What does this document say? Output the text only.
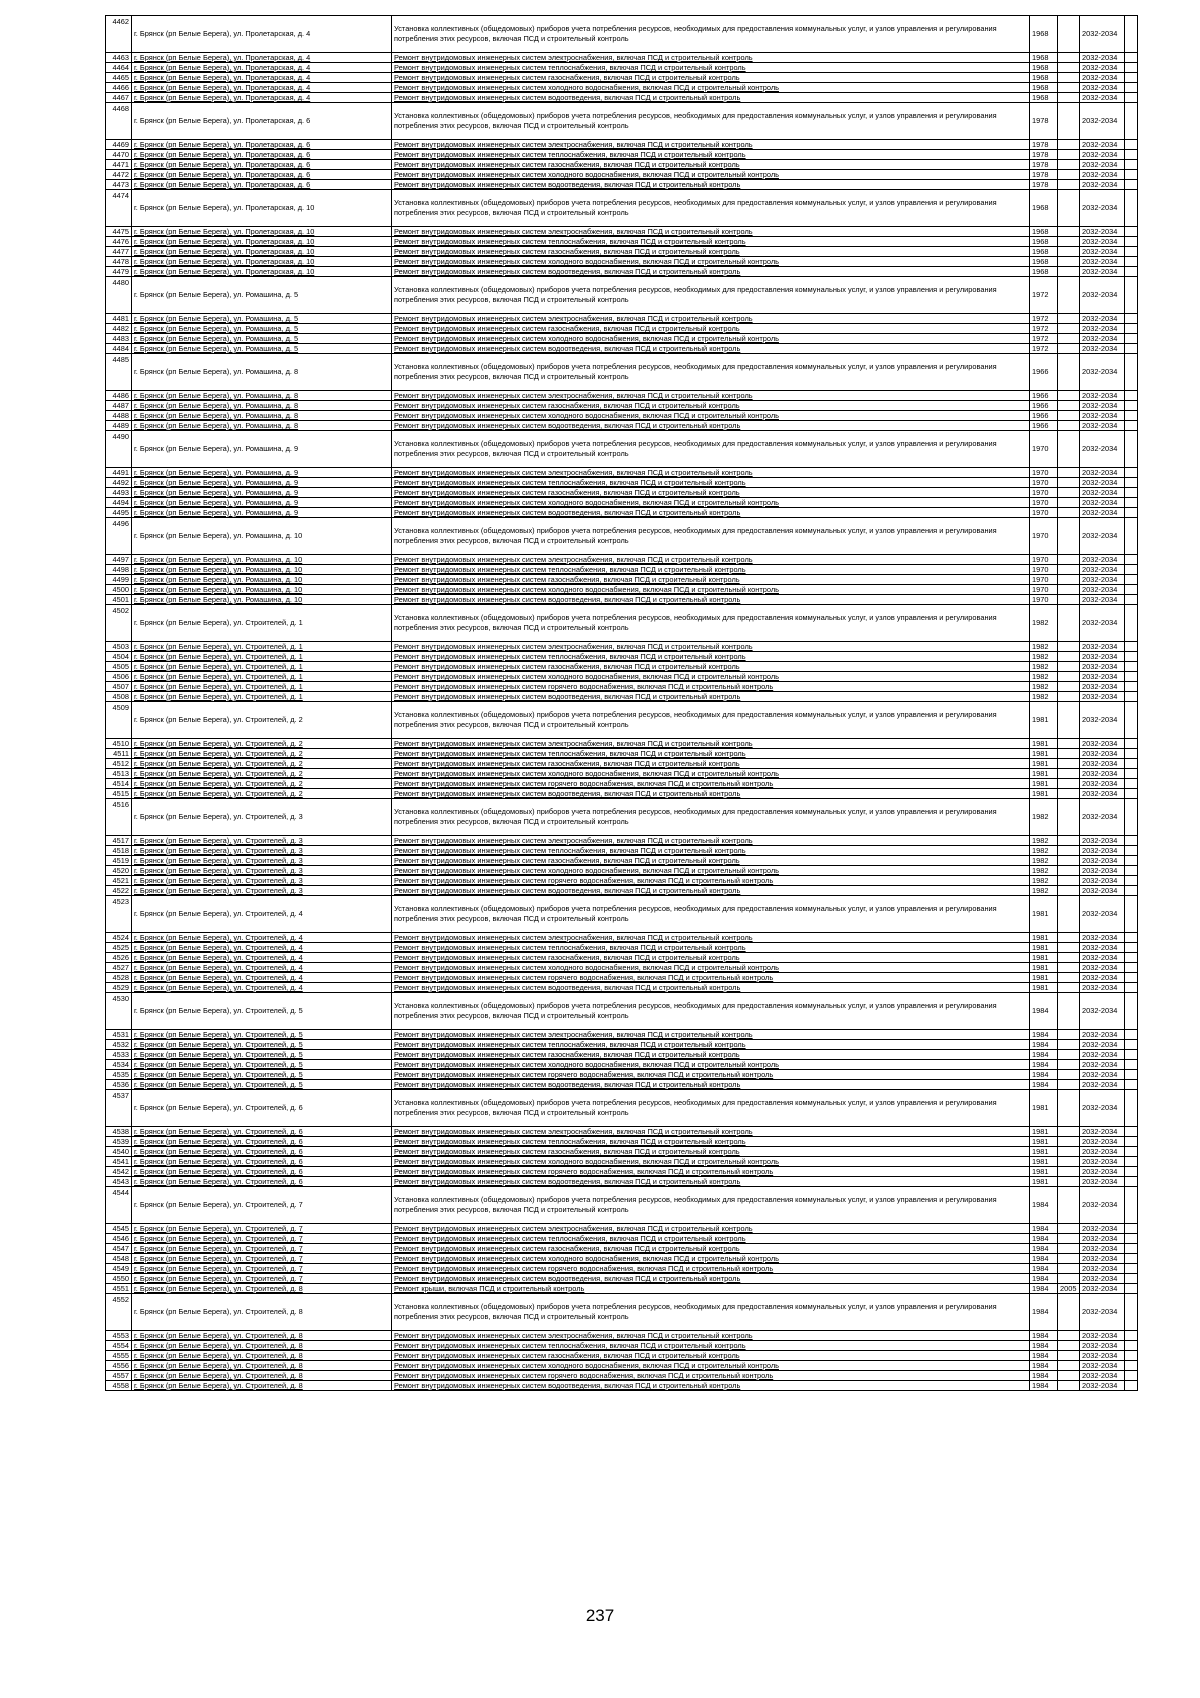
4462	г. Брянск (рп Белые Берега), ул. Пролетарская, д. 4	Установка коллективных (общедомовых) приборов учета потребления ресурсов, необходимых для предоставления коммунальных услуг, и узлов управления и регулирования потребления этих ресурсов, включая ПСД и строительный контроль	1968		2032-2034	
4463	г. Брянск (рп Белые Берега), ул. Пролетарская, д. 4	Ремонт внутридомовых инженерных систем электроснабжения, включая ПСД и строительный контроль	1968		2032-2034	
4464	г. Брянск (рп Белые Берега), ул. Пролетарская, д. 4	Ремонт внутридомовых инженерных систем теплоснабжения, включая ПСД и строительный контроль	1968		2032-2034	
4465	г. Брянск (рп Белые Берега), ул. Пролетарская, д. 4	Ремонт внутридомовых инженерных систем газоснабжения, включая ПСД и строительный контроль	1968		2032-2034	
4466	г. Брянск (рп Белые Берега), ул. Пролетарская, д. 4	Ремонт внутридомовых инженерных систем холодного водоснабжения, включая ПСД и строительный контроль	1968		2032-2034	
4467	г. Брянск (рп Белые Берега), ул. Пролетарская, д. 4	Ремонт внутридомовых инженерных систем водоотведения, включая ПСД и строительный контроль	1968		2032-2034	
4468	г. Брянск (рп Белые Берега), ул. Пролетарская, д. 6	Установка коллективных (общедомовых) приборов учета потребления ресурсов, необходимых для предоставления коммунальных услуг, и узлов управления и регулирования потребления этих ресурсов, включая ПСД и строительный контроль	1978		2032-2034	
4469	г. Брянск (рп Белые Берега), ул. Пролетарская, д. 6	Ремонт внутридомовых инженерных систем электроснабжения, включая ПСД и строительный контроль	1978		2032-2034	
4470	г. Брянск (рп Белые Берега), ул. Пролетарская, д. 6	Ремонт внутридомовых инженерных систем теплоснабжения, включая ПСД и строительный контроль	1978		2032-2034	
4471	г. Брянск (рп Белые Берега), ул. Пролетарская, д. 6	Ремонт внутридомовых инженерных систем газоснабжения, включая ПСД и строительный контроль	1978		2032-2034	
4472	г. Брянск (рп Белые Берега), ул. Пролетарская, д. 6	Ремонт внутридомовых инженерных систем холодного водоснабжения, включая ПСД и строительный контроль	1978		2032-2034	
4473	г. Брянск (рп Белые Берега), ул. Пролетарская, д. 6	Ремонт внутридомовых инженерных систем водоотведения, включая ПСД и строительный контроль	1978		2032-2034	
4474	г. Брянск (рп Белые Берега), ул. Пролетарская, д. 10	Установка коллективных (общедомовых) приборов учета потребления ресурсов, необходимых для предоставления коммунальных услуг, и узлов управления и регулирования потребления этих ресурсов, включая ПСД и строительный контроль	1968		2032-2034	
4475	г. Брянск (рп Белые Берега), ул. Пролетарская, д. 10	Ремонт внутридомовых инженерных систем электроснабжения, включая ПСД и строительный контроль	1968		2032-2034	
4476	г. Брянск (рп Белые Берега), ул. Пролетарская, д. 10	Ремонт внутридомовых инженерных систем теплоснабжения, включая ПСД и строительный контроль	1968		2032-2034	
4477	г. Брянск (рп Белые Берега), ул. Пролетарская, д. 10	Ремонт внутридомовых инженерных систем газоснабжения, включая ПСД и строительный контроль	1968		2032-2034	
4478	г. Брянск (рп Белые Берега), ул. Пролетарская, д. 10	Ремонт внутридомовых инженерных систем холодного водоснабжения, включая ПСД и строительный контроль	1968		2032-2034	
4479	г. Брянск (рп Белые Берега), ул. Пролетарская, д. 10	Ремонт внутридомовых инженерных систем водоотведения, включая ПСД и строительный контроль	1968		2032-2034	
4480	г. Брянск (рп Белые Берега), ул. Ромашина, д. 5	Установка коллективных (общедомовых) приборов учета потребления ресурсов, необходимых для предоставления коммунальных услуг, и узлов управления и регулирования потребления этих ресурсов, включая ПСД и строительный контроль	1972		2032-2034	
4481	г. Брянск (рп Белые Берега), ул. Ромашина, д. 5	Ремонт внутридомовых инженерных систем электроснабжения, включая ПСД и строительный контроль	1972		2032-2034	
4482	г. Брянск (рп Белые Берега), ул. Ромашина, д. 5	Ремонт внутридомовых инженерных систем газоснабжения, включая ПСД и строительный контроль	1972		2032-2034	
4483	г. Брянск (рп Белые Берега), ул. Ромашина, д. 5	Ремонт внутридомовых инженерных систем холодного водоснабжения, включая ПСД и строительный контроль	1972		2032-2034	
4484	г. Брянск (рп Белые Берега), ул. Ромашина, д. 5	Ремонт внутридомовых инженерных систем водоотведения, включая ПСД и строительный контроль	1972		2032-2034	
4485	г. Брянск (рп Белые Берега), ул. Ромашина, д. 8	Установка коллективных (общедомовых) приборов учета потребления ресурсов, необходимых для предоставления коммунальных услуг, и узлов управления и регулирования потребления этих ресурсов, включая ПСД и строительный контроль	1966		2032-2034	
4486	г. Брянск (рп Белые Берега), ул. Ромашина, д. 8	Ремонт внутридомовых инженерных систем электроснабжения, включая ПСД и строительный контроль	1966		2032-2034	
4487	г. Брянск (рп Белые Берега), ул. Ромашина, д. 8	Ремонт внутридомовых инженерных систем газоснабжения, включая ПСД и строительный контроль	1966		2032-2034	
4488	г. Брянск (рп Белые Берега), ул. Ромашина, д. 8	Ремонт внутридомовых инженерных систем холодного водоснабжения, включая ПСД и строительный контроль	1966		2032-2034	
4489	г. Брянск (рп Белые Берега), ул. Ромашина, д. 8	Ремонт внутридомовых инженерных систем водоотведения, включая ПСД и строительный контроль	1966		2032-2034	
4490	г. Брянск (рп Белые Берега), ул. Ромашина, д. 9	Установка коллективных (общедомовых) приборов учета потребления ресурсов, необходимых для предоставления коммунальных услуг, и узлов управления и регулирования потребления этих ресурсов, включая ПСД и строительный контроль	1970		2032-2034	
4491	г. Брянск (рп Белые Берега), ул. Ромашина, д. 9	Ремонт внутридомовых инженерных систем электроснабжения, включая ПСД и строительный контроль	1970		2032-2034	
4492	г. Брянск (рп Белые Берега), ул. Ромашина, д. 9	Ремонт внутридомовых инженерных систем теплоснабжения, включая ПСД и строительный контроль	1970		2032-2034	
4493	г. Брянск (рп Белые Берега), ул. Ромашина, д. 9	Ремонт внутридомовых инженерных систем газоснабжения, включая ПСД и строительный контроль	1970		2032-2034	
4494	г. Брянск (рп Белые Берега), ул. Ромашина, д. 9	Ремонт внутридомовых инженерных систем холодного водоснабжения, включая ПСД и строительный контроль	1970		2032-2034	
4495	г. Брянск (рп Белые Берега), ул. Ромашина, д. 9	Ремонт внутридомовых инженерных систем водоотведения, включая ПСД и строительный контроль	1970		2032-2034	
4496	г. Брянск (рп Белые Берега), ул. Ромашина, д. 10	Установка коллективных (общедомовых) приборов учета потребления ресурсов, необходимых для предоставления коммунальных услуг, и узлов управления и регулирования потребления этих ресурсов, включая ПСД и строительный контроль	1970		2032-2034	
4497	г. Брянск (рп Белые Берега), ул. Ромашина, д. 10	Ремонт внутридомовых инженерных систем электроснабжения, включая ПСД и строительный контроль	1970		2032-2034	
4498	г. Брянск (рп Белые Берега), ул. Ромашина, д. 10	Ремонт внутридомовых инженерных систем теплоснабжения, включая ПСД и строительный контроль	1970		2032-2034	
4499	г. Брянск (рп Белые Берега), ул. Ромашина, д. 10	Ремонт внутридомовых инженерных систем газоснабжения, включая ПСД и строительный контроль	1970		2032-2034	
4500	г. Брянск (рп Белые Берега), ул. Ромашина, д. 10	Ремонт внутридомовых инженерных систем холодного водоснабжения, включая ПСД и строительный контроль	1970		2032-2034	
4501	г. Брянск (рп Белые Берега), ул. Ромашина, д. 10	Ремонт внутридомовых инженерных систем водоотведения, включая ПСД и строительный контроль	1970		2032-2034	
4502	г. Брянск (рп Белые Берега), ул. Строителей, д. 1	Установка коллективных (общедомовых) приборов учета потребления ресурсов, необходимых для предоставления коммунальных услуг, и узлов управления и регулирования потребления этих ресурсов, включая ПСД и строительный контроль	1982		2032-2034	
4503	г. Брянск (рп Белые Берега), ул. Строителей, д. 1	Ремонт внутридомовых инженерных систем электроснабжения, включая ПСД и строительный контроль	1982		2032-2034	
4504	г. Брянск (рп Белые Берега), ул. Строителей, д. 1	Ремонт внутридомовых инженерных систем теплоснабжения, включая ПСД и строительный контроль	1982		2032-2034	
4505	г. Брянск (рп Белые Берега), ул. Строителей, д. 1	Ремонт внутридомовых инженерных систем газоснабжения, включая ПСД и строительный контроль	1982		2032-2034	
4506	г. Брянск (рп Белые Берега), ул. Строителей, д. 1	Ремонт внутридомовых инженерных систем холодного водоснабжения, включая ПСД и строительный контроль	1982		2032-2034	
4507	г. Брянск (рп Белые Берега), ул. Строителей, д. 1	Ремонт внутридомовых инженерных систем горячего водоснабжения, включая ПСД и строительный контроль	1982		2032-2034	
4508	г. Брянск (рп Белые Берега), ул. Строителей, д. 1	Ремонт внутридомовых инженерных систем водоотведения, включая ПСД и строительный контроль	1982		2032-2034	
4509	г. Брянск (рп Белые Берега), ул. Строителей, д. 2	Установка коллективных (общедомовых) приборов учета потребления ресурсов, необходимых для предоставления коммунальных услуг, и узлов управления и регулирования потребления этих ресурсов, включая ПСД и строительный контроль	1981		2032-2034	
4510	г. Брянск (рп Белые Берега), ул. Строителей, д. 2	Ремонт внутридомовых инженерных систем электроснабжения, включая ПСД и строительный контроль	1981		2032-2034	
4511	г. Брянск (рп Белые Берега), ул. Строителей, д. 2	Ремонт внутридомовых инженерных систем теплоснабжения, включая ПСД и строительный контроль	1981		2032-2034	
4512	г. Брянск (рп Белые Берега), ул. Строителей, д. 2	Ремонт внутридомовых инженерных систем газоснабжения, включая ПСД и строительный контроль	1981		2032-2034	
4513	г. Брянск (рп Белые Берега), ул. Строителей, д. 2	Ремонт внутридомовых инженерных систем холодного водоснабжения, включая ПСД и строительный контроль	1981		2032-2034	
4514	г. Брянск (рп Белые Берега), ул. Строителей, д. 2	Ремонт внутридомовых инженерных систем горячего водоснабжения, включая ПСД и строительный контроль	1981		2032-2034	
4515	г. Брянск (рп Белые Берега), ул. Строителей, д. 2	Ремонт внутридомовых инженерных систем водоотведения, включая ПСД и строительный контроль	1981		2032-2034	
4516	г. Брянск (рп Белые Берега), ул. Строителей, д. 3	Установка коллективных (общедомовых) приборов учета потребления ресурсов, необходимых для предоставления коммунальных услуг, и узлов управления и регулирования потребления этих ресурсов, включая ПСД и строительный контроль	1982		2032-2034	
4517	г. Брянск (рп Белые Берега), ул. Строителей, д. 3	Ремонт внутридомовых инженерных систем электроснабжения, включая ПСД и строительный контроль	1982		2032-2034	
4518	г. Брянск (рп Белые Берега), ул. Строителей, д. 3	Ремонт внутридомовых инженерных систем теплоснабжения, включая ПСД и строительный контроль	1982		2032-2034	
4519	г. Брянск (рп Белые Берега), ул. Строителей, д. 3	Ремонт внутридомовых инженерных систем газоснабжения, включая ПСД и строительный контроль	1982		2032-2034	
4520	г. Брянск (рп Белые Берега), ул. Строителей, д. 3	Ремонт внутридомовых инженерных систем холодного водоснабжения, включая ПСД и строительный контроль	1982		2032-2034	
4521	г. Брянск (рп Белые Берега), ул. Строителей, д. 3	Ремонт внутридомовых инженерных систем горячего водоснабжения, включая ПСД и строительный контроль	1982		2032-2034	
4522	г. Брянск (рп Белые Берега), ул. Строителей, д. 3	Ремонт внутридомовых инженерных систем водоотведения, включая ПСД и строительный контроль	1982		2032-2034	
4523	г. Брянск (рп Белые Берега), ул. Строителей, д. 4	Установка коллективных (общедомовых) приборов учета потребления ресурсов, необходимых для предоставления коммунальных услуг, и узлов управления и регулирования потребления этих ресурсов, включая ПСД и строительный контроль	1981		2032-2034	
4524	г. Брянск (рп Белые Берега), ул. Строителей, д. 4	Ремонт внутридомовых инженерных систем электроснабжения, включая ПСД и строительный контроль	1981		2032-2034	
4525	г. Брянск (рп Белые Берега), ул. Строителей, д. 4	Ремонт внутридомовых инженерных систем теплоснабжения, включая ПСД и строительный контроль	1981		2032-2034	
4526	г. Брянск (рп Белые Берега), ул. Строителей, д. 4	Ремонт внутридомовых инженерных систем газоснабжения, включая ПСД и строительный контроль	1981		2032-2034	
4527	г. Брянск (рп Белые Берега), ул. Строителей, д. 4	Ремонт внутридомовых инженерных систем холодного водоснабжения, включая ПСД и строительный контроль	1981		2032-2034	
4528	г. Брянск (рп Белые Берега), ул. Строителей, д. 4	Ремонт внутридомовых инженерных систем горячего водоснабжения, включая ПСД и строительный контроль	1981		2032-2034	
4529	г. Брянск (рп Белые Берега), ул. Строителей, д. 4	Ремонт внутридомовых инженерных систем водоотведения, включая ПСД и строительный контроль	1981		2032-2034	
4530	г. Брянск (рп Белые Берега), ул. Строителей, д. 5	Установка коллективных (общедомовых) приборов учета потребления ресурсов, необходимых для предоставления коммунальных услуг, и узлов управления и регулирования потребления этих ресурсов, включая ПСД и строительный контроль	1984		2032-2034	
4531	г. Брянск (рп Белые Берега), ул. Строителей, д. 5	Ремонт внутридомовых инженерных систем электроснабжения, включая ПСД и строительный контроль	1984		2032-2034	
4532	г. Брянск (рп Белые Берега), ул. Строителей, д. 5	Ремонт внутридомовых инженерных систем теплоснабжения, включая ПСД и строительный контроль	1984		2032-2034	
4533	г. Брянск (рп Белые Берега), ул. Строителей, д. 5	Ремонт внутридомовых инженерных систем газоснабжения, включая ПСД и строительный контроль	1984		2032-2034	
4534	г. Брянск (рп Белые Берега), ул. Строителей, д. 5	Ремонт внутридомовых инженерных систем холодного водоснабжения, включая ПСД и строительный контроль	1984		2032-2034	
4535	г. Брянск (рп Белые Берега), ул. Строителей, д. 5	Ремонт внутридомовых инженерных систем горячего водоснабжения, включая ПСД и строительный контроль	1984		2032-2034	
4536	г. Брянск (рп Белые Берега), ул. Строителей, д. 5	Ремонт внутридомовых инженерных систем водоотведения, включая ПСД и строительный контроль	1984		2032-2034	
4537	г. Брянск (рп Белые Берега), ул. Строителей, д. 6	Установка коллективных (общедомовых) приборов учета потребления ресурсов, необходимых для предоставления коммунальных услуг, и узлов управления и регулирования потребления этих ресурсов, включая ПСД и строительный контроль	1981		2032-2034	
4538	г. Брянск (рп Белые Берега), ул. Строителей, д. 6	Ремонт внутридомовых инженерных систем электроснабжения, включая ПСД и строительный контроль	1981		2032-2034	
4539	г. Брянск (рп Белые Берега), ул. Строителей, д. 6	Ремонт внутридомовых инженерных систем теплоснабжения, включая ПСД и строительный контроль	1981		2032-2034	
4540	г. Брянск (рп Белые Берега), ул. Строителей, д. 6	Ремонт внутридомовых инженерных систем газоснабжения, включая ПСД и строительный контроль	1981		2032-2034	
4541	г. Брянск (рп Белые Берега), ул. Строителей, д. 6	Ремонт внутридомовых инженерных систем холодного водоснабжения, включая ПСД и строительный контроль	1981		2032-2034	
4542	г. Брянск (рп Белые Берега), ул. Строителей, д. 6	Ремонт внутридомовых инженерных систем горячего водоснабжения, включая ПСД и строительный контроль	1981		2032-2034	
4543	г. Брянск (рп Белые Берега), ул. Строителей, д. 6	Ремонт внутридомовых инженерных систем водоотведения, включая ПСД и строительный контроль	1981		2032-2034	
4544	г. Брянск (рп Белые Берега), ул. Строителей, д. 7	Установка коллективных (общедомовых) приборов учета потребления ресурсов, необходимых для предоставления коммунальных услуг, и узлов управления и регулирования потребления этих ресурсов, включая ПСД и строительный контроль	1984		2032-2034	
4545	г. Брянск (рп Белые Берега), ул. Строителей, д. 7	Ремонт внутридомовых инженерных систем электроснабжения, включая ПСД и строительный контроль	1984		2032-2034	
4546	г. Брянск (рп Белые Берега), ул. Строителей, д. 7	Ремонт внутридомовых инженерных систем теплоснабжения, включая ПСД и строительный контроль	1984		2032-2034	
4547	г. Брянск (рп Белые Берега), ул. Строителей, д. 7	Ремонт внутридомовых инженерных систем газоснабжения, включая ПСД и строительный контроль	1984		2032-2034	
4548	г. Брянск (рп Белые Берега), ул. Строителей, д. 7	Ремонт внутридомовых инженерных систем холодного водоснабжения, включая ПСД и строительный контроль	1984		2032-2034	
4549	г. Брянск (рп Белые Берега), ул. Строителей, д. 7	Ремонт внутридомовых инженерных систем горячего водоснабжения, включая ПСД и строительный контроль	1984		2032-2034	
4550	г. Брянск (рп Белые Берега), ул. Строителей, д. 7	Ремонт внутридомовых инженерных систем водоотведения, включая ПСД и строительный контроль	1984		2032-2034	
4551	г. Брянск (рп Белые Берега), ул. Строителей, д. 8	Ремонт крыши, включая ПСД и строительный контроль	1984	2005	2032-2034	
4552	г. Брянск (рп Белые Берега), ул. Строителей, д. 8	Установка коллективных (общедомовых) приборов учета потребления ресурсов, необходимых для предоставления коммунальных услуг, и узлов управления и регулирования потребления этих ресурсов, включая ПСД и строительный контроль	1984		2032-2034	
4553	г. Брянск (рп Белые Берега), ул. Строителей, д. 8	Ремонт внутридомовых инженерных систем электроснабжения, включая ПСД и строительный контроль	1984		2032-2034	
4554	г. Брянск (рп Белые Берега), ул. Строителей, д. 8	Ремонт внутридомовых инженерных систем теплоснабжения, включая ПСД и строительный контроль	1984		2032-2034	
4555	г. Брянск (рп Белые Берега), ул. Строителей, д. 8	Ремонт внутридомовых инженерных систем газоснабжения, включая ПСД и строительный контроль	1984		2032-2034	
4556	г. Брянск (рп Белые Берега), ул. Строителей, д. 8	Ремонт внутридомовых инженерных систем холодного водоснабжения, включая ПСД и строительный контроль	1984		2032-2034	
4557	г. Брянск (рп Белые Берега), ул. Строителей, д. 8	Ремонт внутридомовых инженерных систем горячего водоснабжения, включая ПСД и строительный контроль	1984		2032-2034	
4558	г. Брянск (рп Белые Берега), ул. Строителей, д. 8	Ремонт внутридомовых инженерных систем водоотведения, включая ПСД и строительный контроль	1984		2032-2034	
237
